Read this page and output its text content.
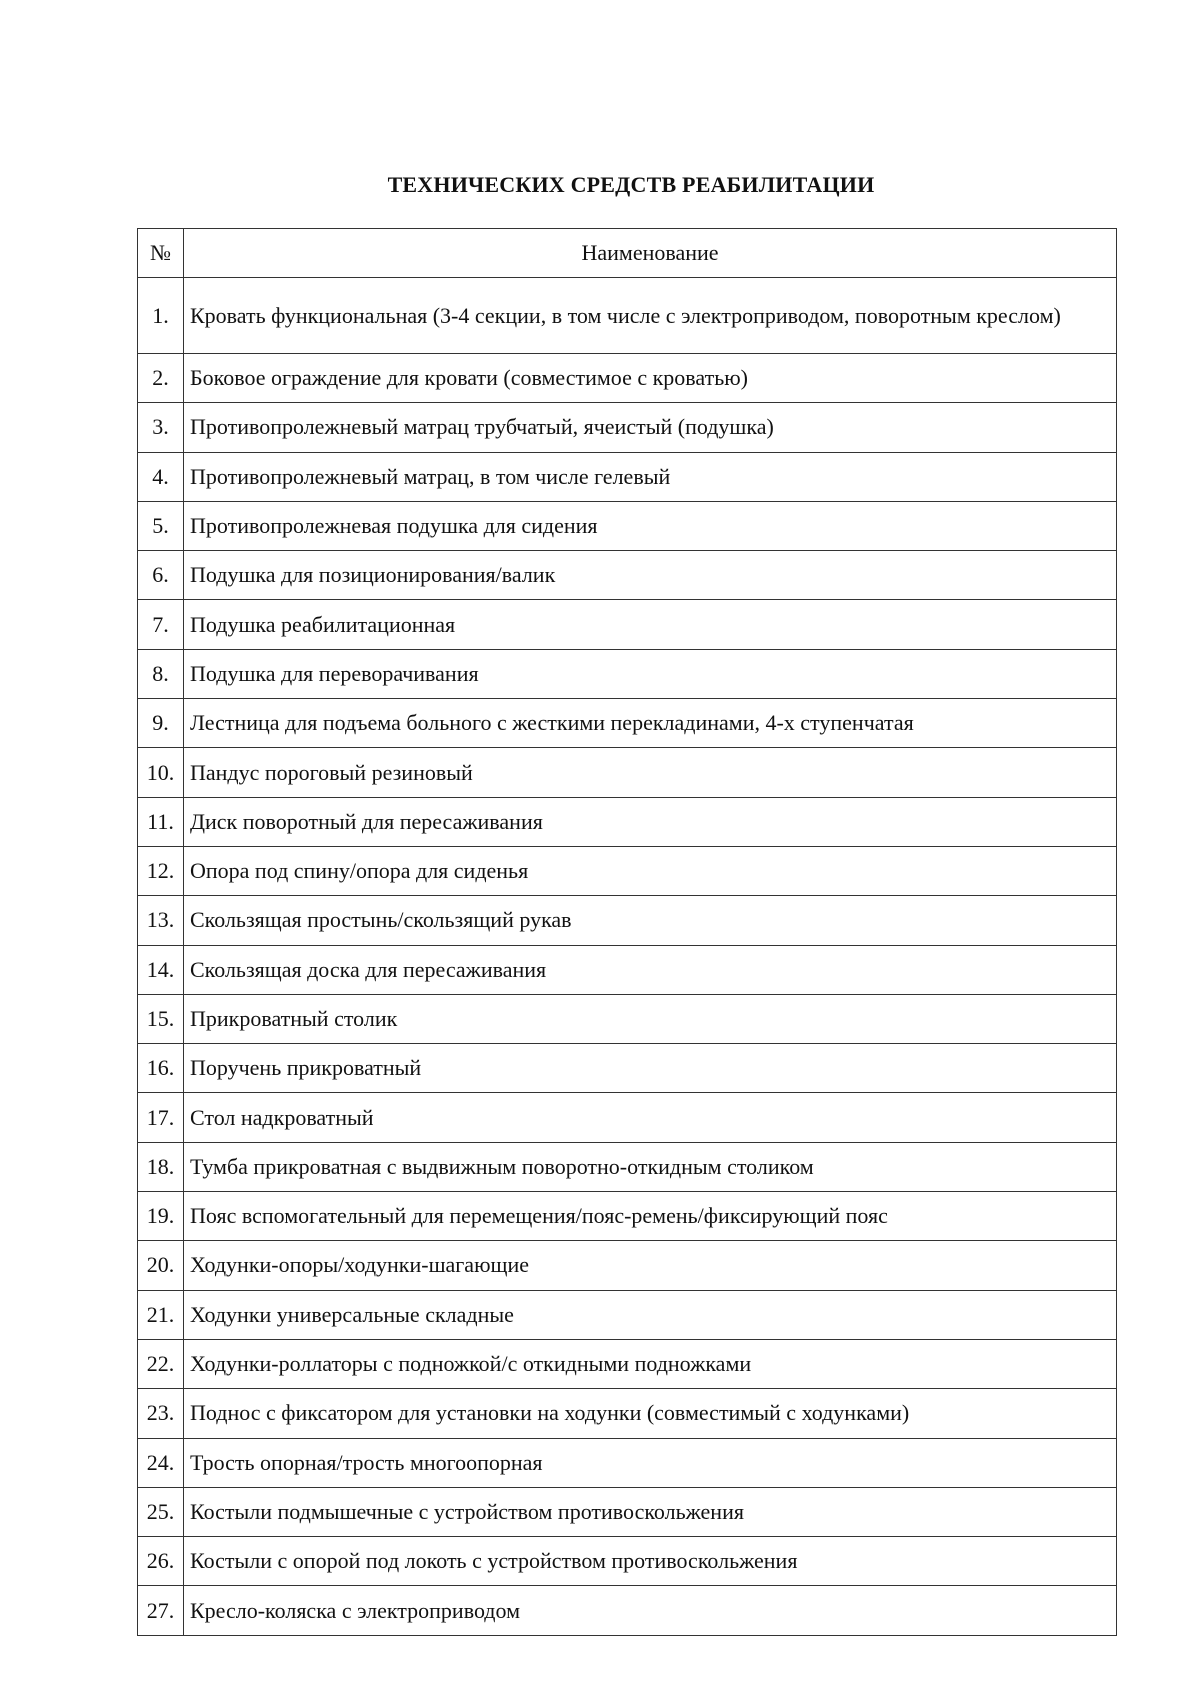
ТЕХНИЧЕСКИХ СРЕДСТВ РЕАБИЛИТАЦИИ
№	Наименование
1.	Кровать функциональная (3-4 секции, в том числе с электроприводом, поворотным креслом)
2.	Боковое ограждение для кровати (совместимое с кроватью)
3.	Противопролежневый матрац трубчатый, ячеистый (подушка)
4.	Противопролежневый матрац, в том числе гелевый
5.	Противопролежневая подушка для сидения
6.	Подушка для позиционирования/валик
7.	Подушка реабилитационная
8.	Подушка для переворачивания
9.	Лестница для подъема больного с жесткими перекладинами, 4-х ступенчатая
10.	Пандус пороговый резиновый
11.	Диск поворотный для пересаживания
12.	Опора под спину/опора для сиденья
13.	Скользящая простынь/скользящий рукав
14.	Скользящая доска для пересаживания
15.	Прикроватный столик
16.	Поручень прикроватный
17.	Стол надкроватный
18.	Тумба прикроватная с выдвижным поворотно-откидным столиком
19.	Пояс вспомогательный для перемещения/пояс-ремень/фиксирующий пояс
20.	Ходунки-опоры/ходунки-шагающие
21.	Ходунки универсальные складные
22.	Ходунки-роллаторы с подножкой/с откидными подножками
23.	Поднос с фиксатором для установки на ходунки (совместимый с ходунками)
24.	Трость опорная/трость многоопорная
25.	Костыли подмышечные с устройством противоскольжения
26.	Костыли с опорой под локоть с устройством противоскольжения
27.	Кресло-коляска с электроприводом
